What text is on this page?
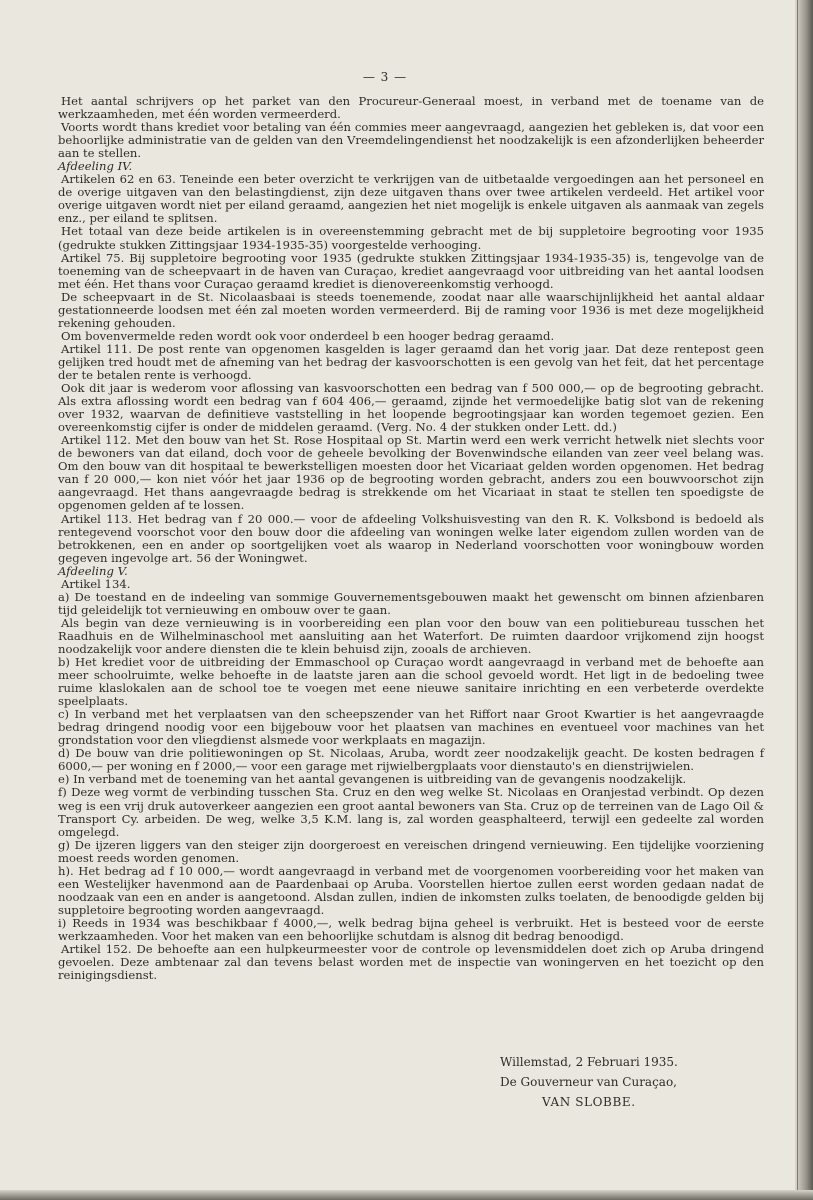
— 3 —

Het aantal schrijvers op het parket van den Procureur-Generaal moest, in verband met de toename van de werkzaamheden, met één worden vermeerderd.

Voorts wordt thans krediet voor betaling van één commies meer aangevraagd, aangezien het gebleken is, dat voor een behoorlijke administratie van de gelden van den Vreemdelingendienst het noodzakelijk is een afzonderlijken beheerder aan te stellen.

Afdeeling IV.

Artikelen 62 en 63. Teneinde een beter overzicht te verkrijgen van de uitbetaalde vergoedingen aan het personeel en de overige uitgaven van den belastingdienst, zijn deze uitgaven thans over twee artikelen verdeeld. Het artikel voor overige uitgaven wordt niet per eiland geraamd, aangezien het niet mogelijk is enkele uitgaven als aanmaak van zegels enz., per eiland te splitsen.

Het totaal van deze beide artikelen is in overeenstemming gebracht met de bij suppletoire begrooting voor 1935 (gedrukte stukken Zittingsjaar 1934-1935-35) voorgestelde verhooging.

Artikel 75. Bij suppletoire begrooting voor 1935 (gedrukte stukken Zittingsjaar 1934-1935-35) is, tengevolge van de toeneming van de scheepvaart in de haven van Curaçao, krediet aangevraagd voor uitbreiding van het aantal loodsen met één. Het thans voor Curaçao geraamd krediet is dienovereenkomstig verhoogd.

De scheepvaart in de St. Nicolaasbaai is steeds toenemende, zoodat naar alle waarschijnlijkheid het aantal aldaar gestationneerde loodsen met één zal moeten worden vermeerderd. Bij de raming voor 1936 is met deze mogelijkheid rekening gehouden.

Om bovenvermelde reden wordt ook voor onderdeel b een hooger bedrag geraamd.

Artikel 111. De post rente van opgenomen kasgelden is lager geraamd dan het vorig jaar. Dat deze rentepost geen gelijken tred houdt met de afneming van het bedrag der kasvoorschotten is een gevolg van het feit, dat het percentage der te betalen rente is verhoogd.

Ook dit jaar is wederom voor aflossing van kasvoorschotten een bedrag van f 500 000,— op de begrooting gebracht. Als extra aflossing wordt een bedrag van f 604 406,— geraamd, zijnde het vermoedelijke batig slot van de rekening over 1932, waarvan de definitieve vaststelling in het loopende begrootingsjaar kan worden tegemoet gezien. Een overeenkomstig cijfer is onder de middelen geraamd. (Verg. No. 4 der stukken onder Lett. dd.)

Artikel 112. Met den bouw van het St. Rose Hospitaal op St. Martin werd een werk verricht hetwelk niet slechts voor de bewoners van dat eiland, doch voor de geheele bevolking der Bovenwindsche eilanden van zeer veel belang was. Om den bouw van dit hospitaal te bewerkstelligen moesten door het Vicariaat gelden worden opgenomen. Het bedrag van f 20 000,— kon niet vóór het jaar 1936 op de begrooting worden gebracht, anders zou een bouwvoorschot zijn aangevraagd. Het thans aangevraagde bedrag is strekkende om het Vicariaat in staat te stellen ten spoedigste de opgenomen gelden af te lossen.

Artikel 113. Het bedrag van f 20 000.— voor de afdeeling Volkshuisvesting van den R. K. Volksbond is bedoeld als rentegevend voorschot voor den bouw door die afdeeling van woningen welke later eigendom zullen worden van de betrokkenen, een en ander op soortgelijken voet als waarop in Nederland voorschotten voor woningbouw worden gegeven ingevolge art. 56 der Woningwet.

Afdeeling V.

Artikel 134.

a) De toestand en de indeeling van sommige Gouvernementsgebouwen maakt het gewenscht om binnen afzienbaren tijd geleidelijk tot vernieuwing en ombouw over te gaan.

Als begin van deze vernieuwing is in voorbereiding een plan voor den bouw van een politiebureau tusschen het Raadhuis en de Wilhelminaschool met aansluiting aan het Waterfort. De ruimten daardoor vrijkomend zijn hoogst noodzakelijk voor andere diensten die te klein behuisd zijn, zooals de archieven.

b) Het krediet voor de uitbreiding der Emmaschool op Curaçao wordt aangevraagd in verband met de behoefte aan meer schoolruimte, welke behoefte in de laatste jaren aan die school gevoeld wordt. Het ligt in de bedoeling twee ruime klaslokalen aan de school toe te voegen met eene nieuwe sanitaire inrichting en een verbeterde overdekte speelplaats.

c) In verband met het verplaatsen van den scheepszender van het Riffort naar Groot Kwartier is het aangevraagde bedrag dringend noodig voor een bijgebouw voor het plaatsen van machines en eventueel voor machines van het grondstation voor den vliegdienst alsmede voor werkplaats en magazijn.

d) De bouw van drie politiewoningen op St. Nicolaas, Aruba, wordt zeer noodzakelijk geacht. De kosten bedragen f 6000,— per woning en f 2000,— voor een garage met rijwielbergplaats voor dienstauto's en dienstrijwielen.

e) In verband met de toeneming van het aantal gevangenen is uitbreiding van de gevangenis noodzakelijk.

f) Deze weg vormt de verbinding tusschen Sta. Cruz en den weg welke St. Nicolaas en Oranjestad verbindt. Op dezen weg is een vrij druk autoverkeer aangezien een groot aantal bewoners van Sta. Cruz op de terreinen van de Lago Oil & Transport Cy. arbeiden. De weg, welke 3,5 K.M. lang is, zal worden geasphalteerd, terwijl een gedeelte zal worden omgelegd.

g) De ijzeren liggers van den steiger zijn doorgeroest en vereischen dringend vernieuwing. Een tijdelijke voorziening moest reeds worden genomen.

h). Het bedrag ad f 10 000,— wordt aangevraagd in verband met de voorgenomen voorbereiding voor het maken van een Westelijker havenmond aan de Paardenbaai op Aruba. Voorstellen hiertoe zullen eerst worden gedaan nadat de noodzaak van een en ander is aangetoond. Alsdan zullen, indien de inkomsten zulks toelaten, de benoodigde gelden bij suppletoire begrooting worden aangevraagd.

i) Reeds in 1934 was beschikbaar f 4000,—, welk bedrag bijna geheel is verbruikt. Het is besteed voor de eerste werkzaamheden. Voor het maken van een behoorlijke schutdam is alsnog dit bedrag benoodigd.

Artikel 152. De behoefte aan een hulpkeurmeester voor de controle op levensmiddelen doet zich op Aruba dringend gevoelen. Deze ambtenaar zal dan tevens belast worden met de inspectie van woningerven en het toezicht op den reinigingsdienst.

Willemstad, 2 Februari 1935.
De Gouverneur van Curaçao,
VAN SLOBBE.
